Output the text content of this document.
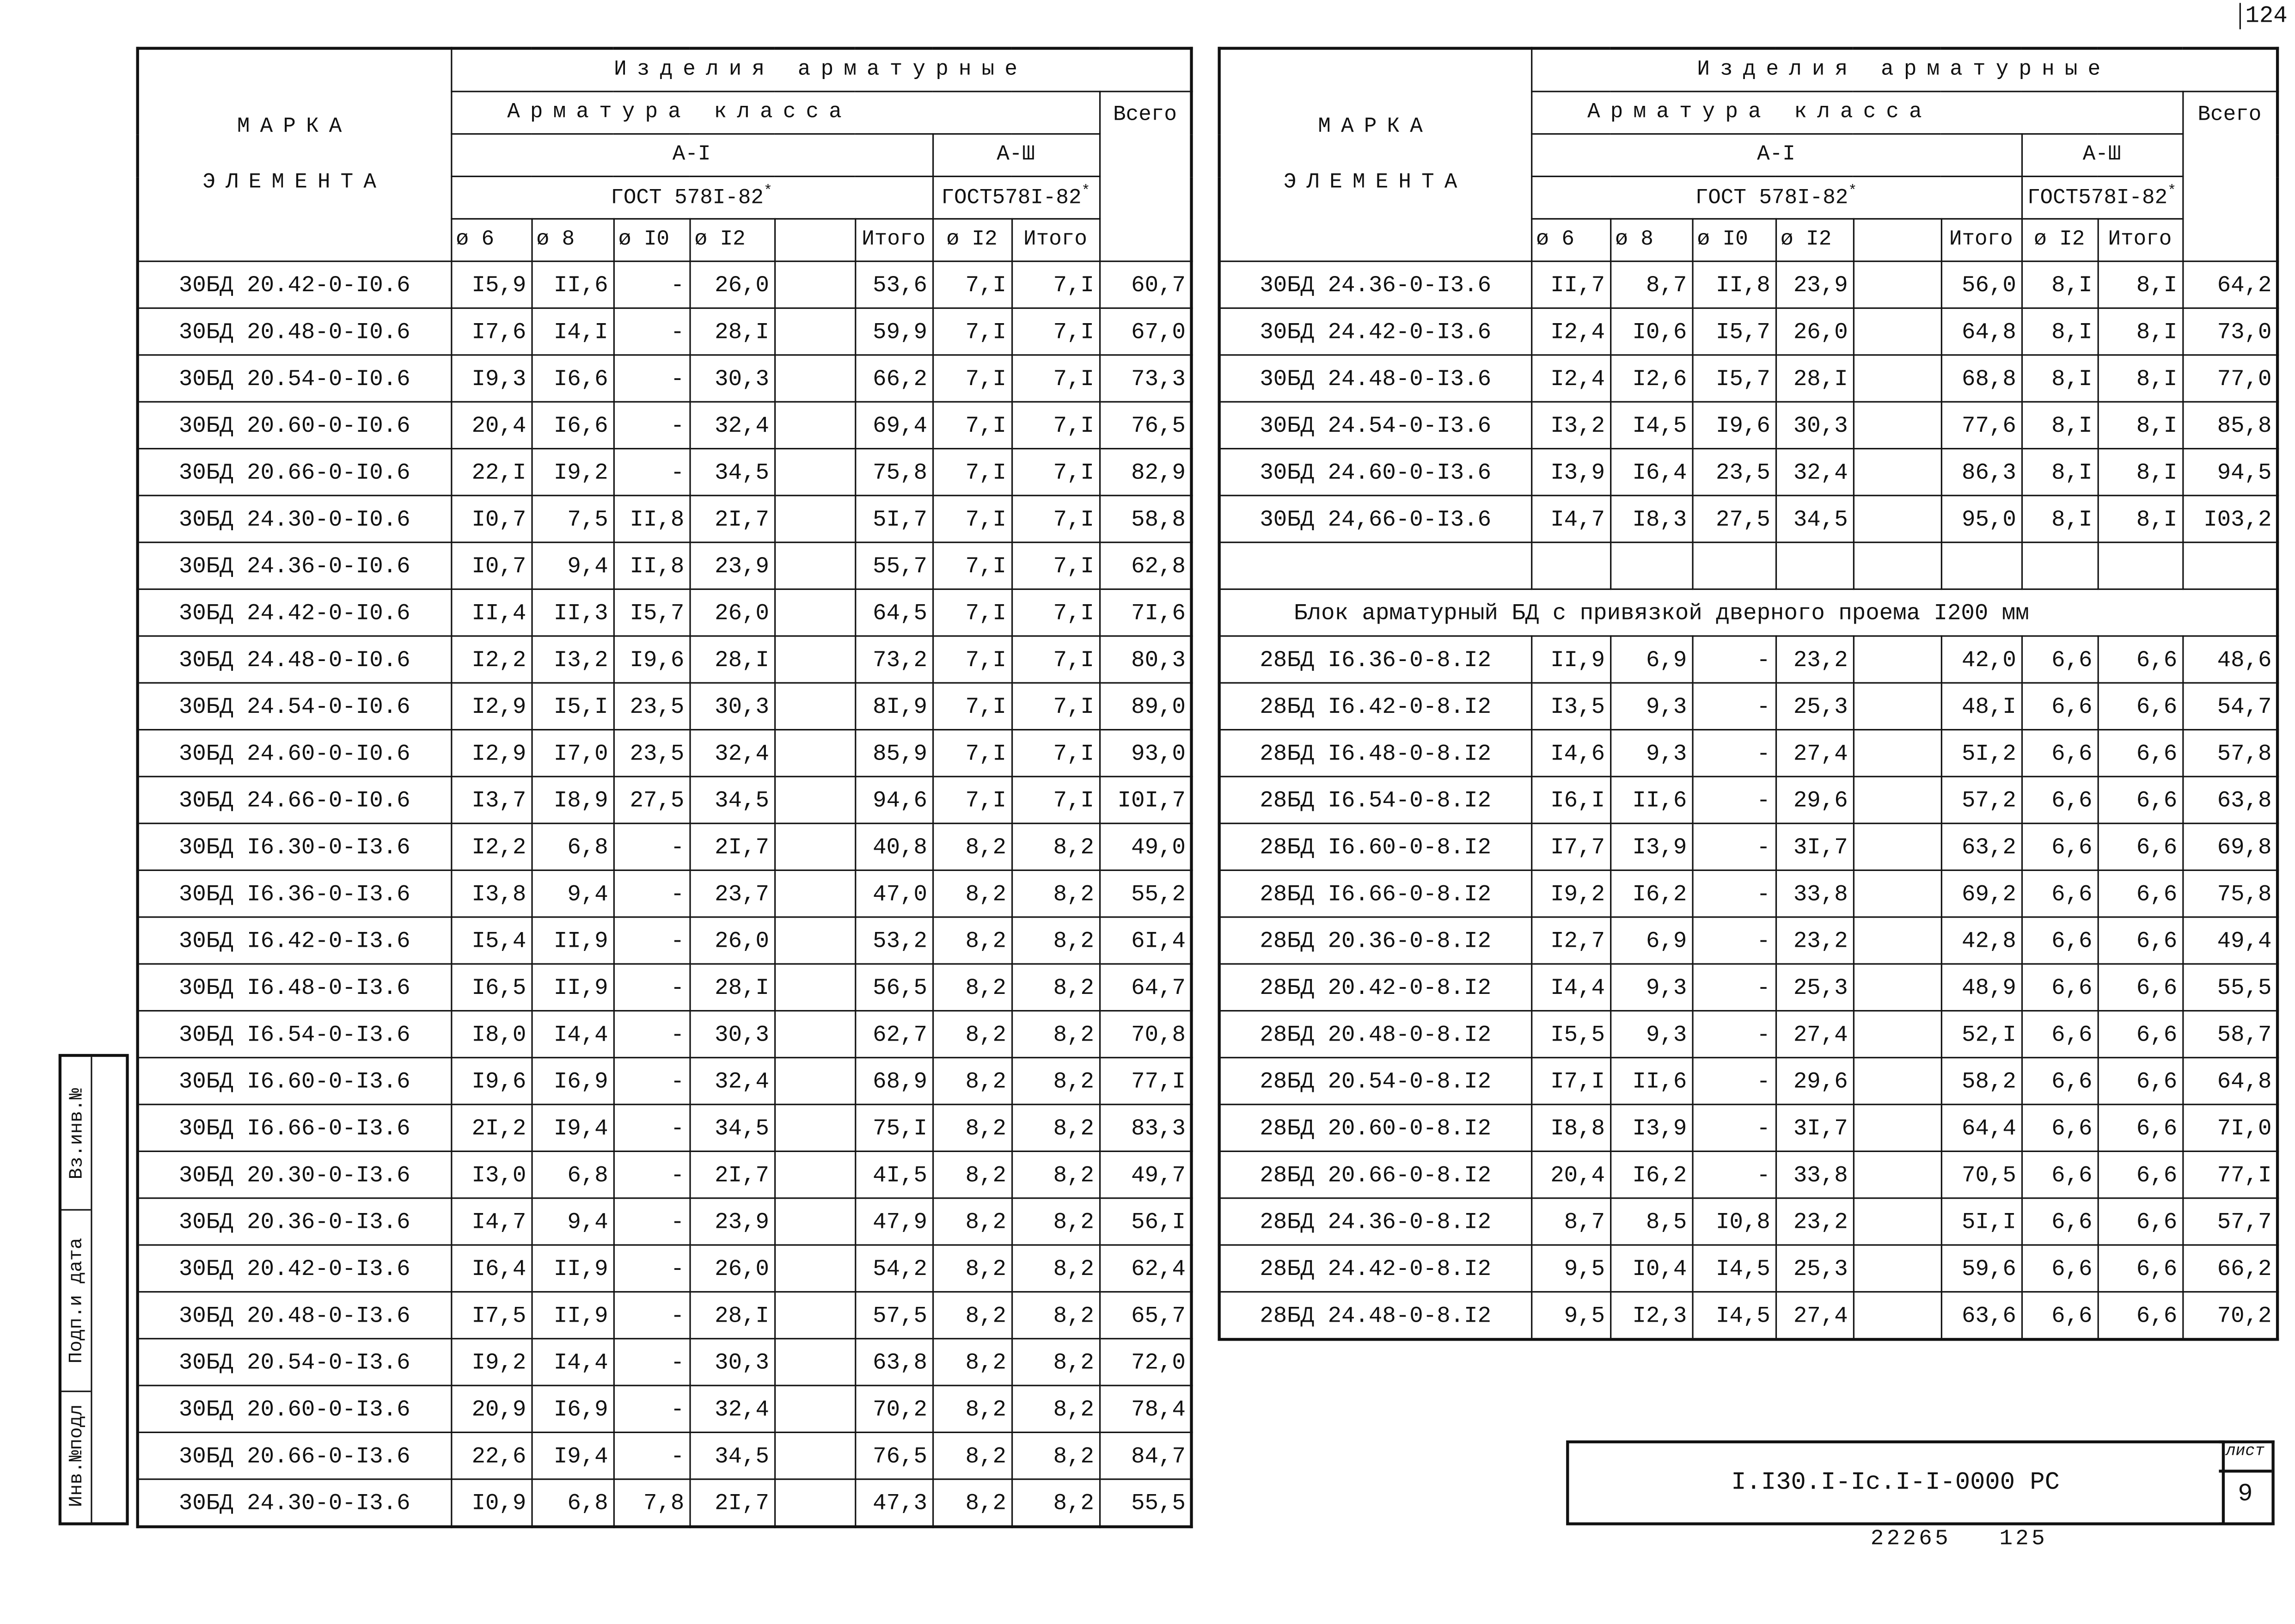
124
МАРКА
ЭЛЕМЕНТА	Изделия арматурные								
	Арматура класса								Всего
	А-I						А-Ш		
	ГОСТ 578I-82*						ГОСТ578I-82*
	ø 6	ø 8	ø I0	ø I2		Итого	ø I2	Итого	
30БД 20.42-0-I0.6	I5,9	II,6	-	26,0		53,6	7,I	7,I	60,7
30БД 20.48-0-I0.6	I7,6	I4,I	-	28,I		59,9	7,I	7,I	67,0
30БД 20.54-0-I0.6	I9,3	I6,6	-	30,3		66,2	7,I	7,I	73,3
30БД 20.60-0-I0.6	20,4	I6,6	-	32,4		69,4	7,I	7,I	76,5
30БД 20.66-0-I0.6	22,I	I9,2	-	34,5		75,8	7,I	7,I	82,9
30БД 24.30-0-I0.6	I0,7	7,5	II,8	2I,7		5I,7	7,I	7,I	58,8
30БД 24.36-0-I0.6	I0,7	9,4	II,8	23,9		55,7	7,I	7,I	62,8
30БД 24.42-0-I0.6	II,4	II,3	I5,7	26,0		64,5	7,I	7,I	7I,6
30БД 24.48-0-I0.6	I2,2	I3,2	I9,6	28,I		73,2	7,I	7,I	80,3
30БД 24.54-0-I0.6	I2,9	I5,I	23,5	30,3		8I,9	7,I	7,I	89,0
30БД 24.60-0-I0.6	I2,9	I7,0	23,5	32,4		85,9	7,I	7,I	93,0
30БД 24.66-0-I0.6	I3,7	I8,9	27,5	34,5		94,6	7,I	7,I	I0I,7
30БД I6.30-0-I3.6	I2,2	6,8	-	2I,7		40,8	8,2	8,2	49,0
30БД I6.36-0-I3.6	I3,8	9,4	-	23,7		47,0	8,2	8,2	55,2
30БД I6.42-0-I3.6	I5,4	II,9	-	26,0		53,2	8,2	8,2	6I,4
30БД I6.48-0-I3.6	I6,5	II,9	-	28,I		56,5	8,2	8,2	64,7
30БД I6.54-0-I3.6	I8,0	I4,4	-	30,3		62,7	8,2	8,2	70,8
30БД I6.60-0-I3.6	I9,6	I6,9	-	32,4		68,9	8,2	8,2	77,I
30БД I6.66-0-I3.6	2I,2	I9,4	-	34,5		75,I	8,2	8,2	83,3
30БД 20.30-0-I3.6	I3,0	6,8	-	2I,7		4I,5	8,2	8,2	49,7
30БД 20.36-0-I3.6	I4,7	9,4	-	23,9		47,9	8,2	8,2	56,I
30БД 20.42-0-I3.6	I6,4	II,9	-	26,0		54,2	8,2	8,2	62,4
30БД 20.48-0-I3.6	I7,5	II,9	-	28,I		57,5	8,2	8,2	65,7
30БД 20.54-0-I3.6	I9,2	I4,4	-	30,3		63,8	8,2	8,2	72,0
30БД 20.60-0-I3.6	20,9	I6,9	-	32,4		70,2	8,2	8,2	78,4
30БД 20.66-0-I3.6	22,6	I9,4	-	34,5		76,5	8,2	8,2	84,7
30БД 24.30-0-I3.6	I0,9	6,8	7,8	2I,7		47,3	8,2	8,2	55,5
МАРКА
ЭЛЕМЕНТА	Изделия арматурные								
	Арматура класса								Всего
	А-I						А-Ш		
	ГОСТ 578I-82*						ГОСТ578I-82*
	ø 6	ø 8	ø I0	ø I2		Итого	ø I2	Итого	
30БД 24.36-0-I3.6	II,7	8,7	II,8	23,9		56,0	8,I	8,I	64,2
30БД 24.42-0-I3.6	I2,4	I0,6	I5,7	26,0		64,8	8,I	8,I	73,0
30БД 24.48-0-I3.6	I2,4	I2,6	I5,7	28,I		68,8	8,I	8,I	77,0
30БД 24.54-0-I3.6	I3,2	I4,5	I9,6	30,3		77,6	8,I	8,I	85,8
30БД 24.60-0-I3.6	I3,9	I6,4	23,5	32,4		86,3	8,I	8,I	94,5
30БД 24,66-0-I3.6	I4,7	I8,3	27,5	34,5		95,0	8,I	8,I	I03,2

Блок арматурный БД с привязкой дверного проема I200 мм									
28БД I6.36-0-8.I2	II,9	6,9	-	23,2		42,0	6,6	6,6	48,6
28БД I6.42-0-8.I2	I3,5	9,3	-	25,3		48,I	6,6	6,6	54,7
28БД I6.48-0-8.I2	I4,6	9,3	-	27,4		5I,2	6,6	6,6	57,8
28БД I6.54-0-8.I2	I6,I	II,6	-	29,6		57,2	6,6	6,6	63,8
28БД I6.60-0-8.I2	I7,7	I3,9	-	3I,7		63,2	6,6	6,6	69,8
28БД I6.66-0-8.I2	I9,2	I6,2	-	33,8		69,2	6,6	6,6	75,8
28БД 20.36-0-8.I2	I2,7	6,9	-	23,2		42,8	6,6	6,6	49,4
28БД 20.42-0-8.I2	I4,4	9,3	-	25,3		48,9	6,6	6,6	55,5
28БД 20.48-0-8.I2	I5,5	9,3	-	27,4		52,I	6,6	6,6	58,7
28БД 20.54-0-8.I2	I7,I	II,6	-	29,6		58,2	6,6	6,6	64,8
28БД 20.60-0-8.I2	I8,8	I3,9	-	3I,7		64,4	6,6	6,6	7I,0
28БД 20.66-0-8.I2	20,4	I6,2	-	33,8		70,5	6,6	6,6	77,I
28БД 24.36-0-8.I2	8,7	8,5	I0,8	23,2		5I,I	6,6	6,6	57,7
28БД 24.42-0-8.I2	9,5	I0,4	I4,5	25,3		59,6	6,6	6,6	66,2
28БД 24.48-0-8.I2	9,5	I2,3	I4,5	27,4		63,6	6,6	6,6	70,2
Вз.инв.№
Подп.и дата
Инв.№подл	I.I30.I-Ic.I-I-0000 PC
лист
9
22265   125
